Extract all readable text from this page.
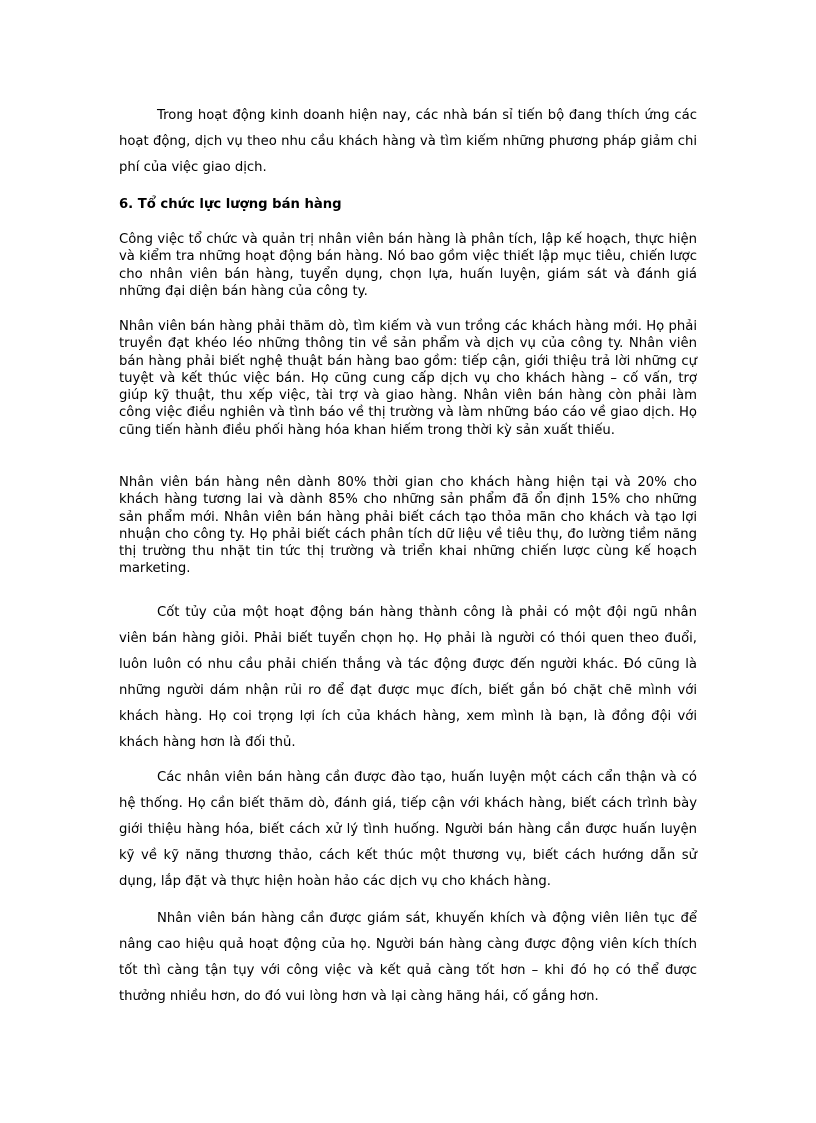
Trong hoạt động kinh doanh hiện nay, các nhà bán sỉ tiến bộ đang thích ứng các hoạt động, dịch vụ theo nhu cầu khách hàng và tìm kiếm những phương pháp giảm chi phí của việc giao dịch.

6. Tổ chức lực lượng bán hàng

Công việc tổ chức và quản trị nhân viên bán hàng là phân tích, lập kế hoạch, thực hiện và kiểm tra những hoạt động bán hàng. Nó bao gồm việc thiết lập mục tiêu, chiến lược cho nhân viên bán hàng, tuyển dụng, chọn lựa, huấn luyện, giám sát và đánh giá những đại diện bán hàng của công ty.

Nhân viên bán hàng phải thăm dò, tìm kiếm và vun trồng các khách hàng mới. Họ phải truyền đạt khéo léo những thông tin về sản phẩm và dịch vụ của công ty. Nhân viên bán hàng phải biết nghệ thuật bán hàng bao gồm: tiếp cận, giới thiệu trả lời những cự tuyệt và kết thúc việc bán. Họ cũng cung cấp dịch vụ cho khách hàng – cố vấn, trợ giúp kỹ thuật, thu xếp việc, tài trợ và giao hàng. Nhân viên bán hàng còn phải làm công việc điều nghiên và tình báo về thị trường và làm những báo cáo về giao dịch. Họ cũng tiến hành điều phối hàng hóa khan hiếm trong thời kỳ sản xuất thiếu.

Nhân viên bán hàng nên dành 80% thời gian cho khách hàng hiện tại và 20% cho khách hàng tương lai và dành 85% cho những sản phẩm đã ổn định 15% cho những sản phẩm mới. Nhân viên bán hàng phải biết cách tạo thỏa mãn cho khách và tạo lợi nhuận cho công ty. Họ phải biết cách phân tích dữ liệu về tiêu thụ, đo lường tiềm năng thị trường thu nhặt tin tức thị trường và triển khai những chiến lược cùng kế hoạch marketing.

Cốt tủy của một hoạt động bán hàng thành công là phải có một đội ngũ nhân viên bán hàng giỏi. Phải biết tuyển chọn họ. Họ phải là người có thói quen theo đuổi, luôn luôn có nhu cầu phải chiến thắng và tác động được đến người khác. Đó cũng là những người dám nhận rủi ro để đạt được mục đích, biết gắn bó chặt chẽ mình với khách hàng. Họ coi trọng lợi ích của khách hàng, xem mình là bạn, là đồng đội với khách hàng hơn là đối thủ.

Các nhân viên bán hàng cần được đào tạo, huấn luyện một cách cẩn thận và có hệ thống. Họ cần biết thăm dò, đánh giá, tiếp cận với khách hàng, biết cách trình bày giới thiệu hàng hóa, biết cách xử lý tình huống. Người bán hàng cần được huấn luyện kỹ về kỹ năng thương thảo, cách kết thúc một thương vụ, biết cách hướng dẫn sử dụng, lắp đặt và thực hiện hoàn hảo các dịch vụ cho khách hàng.

Nhân viên bán hàng cần được giám sát, khuyến khích và động viên liên tục để nâng cao hiệu quả hoạt động của họ. Người bán hàng càng được động viên kích thích tốt thì càng tận tụy với công việc và kết quả càng tốt hơn – khi đó họ có thể được thưởng nhiều hơn, do đó vui lòng hơn và lại càng hăng hái, cố gắng hơn.
